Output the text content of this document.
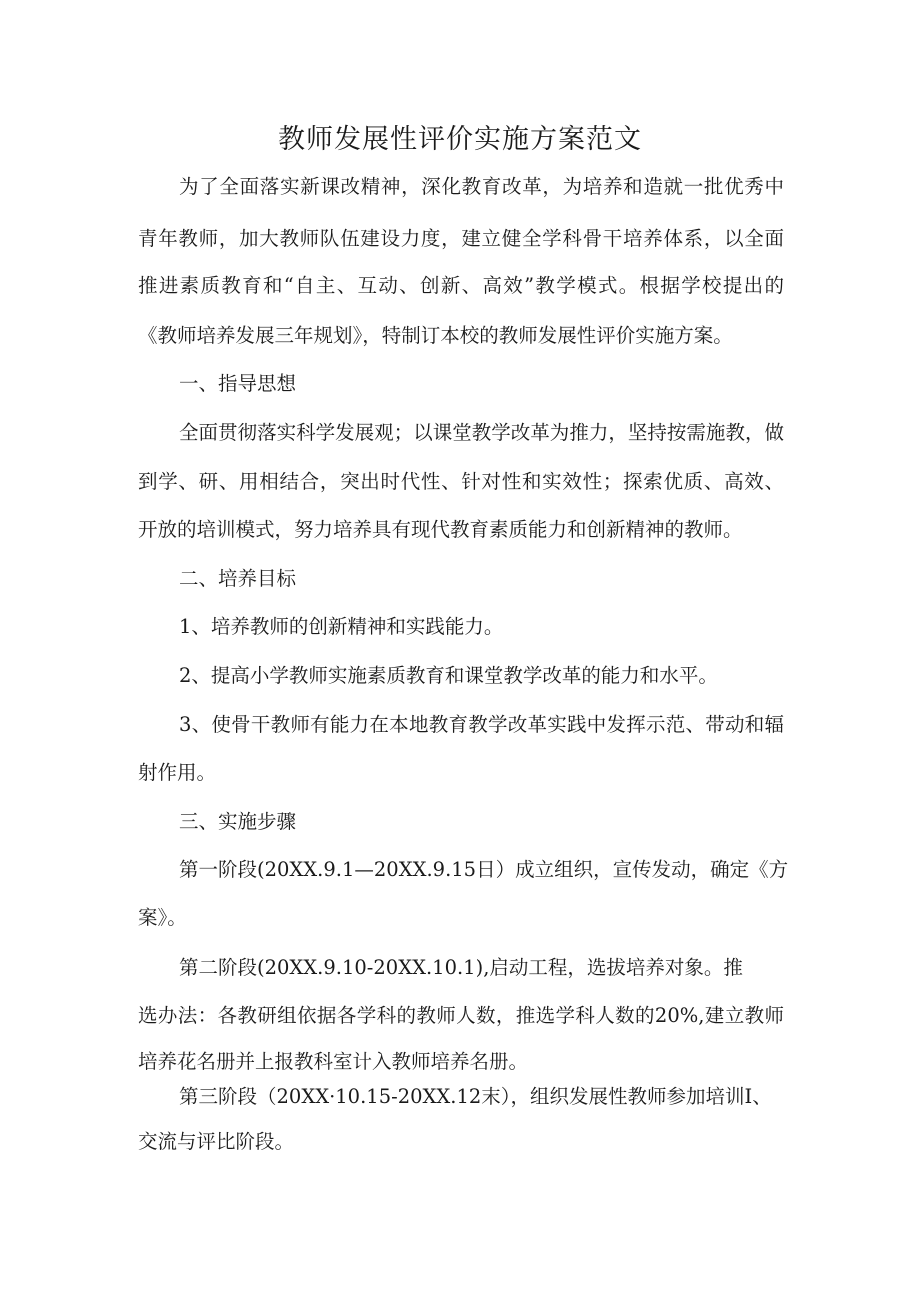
教师发展性评价实施方案范文
为了全面落实新课改精神，深化教育改革，为培养和造就一批优秀中
青年教师，加大教师队伍建设力度，建立健全学科骨干培养体系，以全面
推进素质教育和“自主、互动、创新、高效”教学模式。根据学校提出的
《教师培养发展三年规划》，特制订本校的教师发展性评价实施方案。
一、指导思想
全面贯彻落实科学发展观；以课堂教学改革为推力，坚持按需施教，做
到学、研、用相结合，突出时代性、针对性和实效性；探索优质、高效、
开放的培训模式，努力培养具有现代教育素质能力和创新精神的教师。
二、培养目标
1、培养教师的创新精神和实践能力。
2、提高小学教师实施素质教育和课堂教学改革的能力和水平。
3、使骨干教师有能力在本地教育教学改革实践中发挥示范、带动和辐
射作用。
三、实施步骤
第一阶段(20XX.9.1—20XX.9.15日）成立组织，宣传发动，确定《方
案》。
第二阶段(20XX.9.10-20XX.10.1),启动工程，选拔培养对象。推
选办法：各教研组依据各学科的教师人数，推选学科人数的20%,建立教师
培养花名册并上报教科室计入教师培养名册。
第三阶段（20XX·10.15-20XX.12末），组织发展性教师参加培训I、
交流与评比阶段。
